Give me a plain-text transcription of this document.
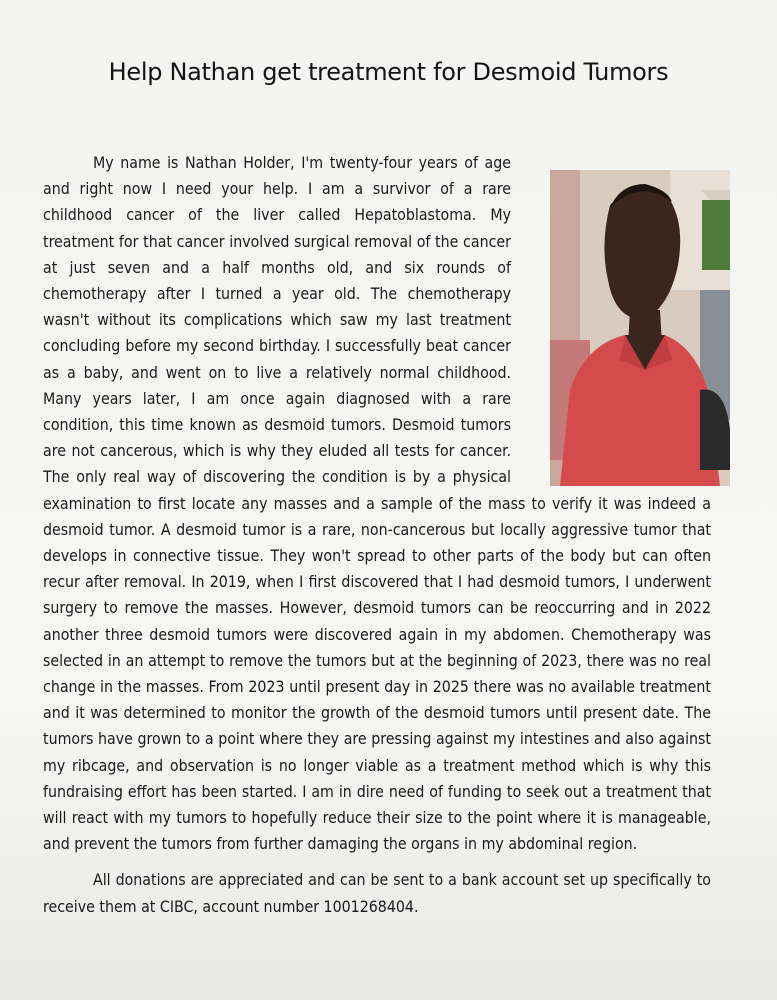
Help Nathan get treatment for Desmoid Tumors

My name is Nathan Holder, I'm twenty-four years of age and right now I need your help. I am a survivor of a rare childhood cancer of the liver called Hepatoblastoma. My treatment for that cancer involved surgical removal of the cancer at just seven and a half months old, and six rounds of chemotherapy after I turned a year old. The chemotherapy wasn't without its complications which saw my last treatment concluding before my second birthday. I successfully beat cancer as a baby, and went on to live a relatively normal childhood. Many years later, I am once again diagnosed with a rare condition, this time known as desmoid tumors. Desmoid tumors are not cancerous, which is why they eluded all tests for cancer. The only real way of discovering the condition is by a physical examination to first locate any masses and a sample of the mass to verify it was indeed a desmoid tumor. A desmoid tumor is a rare, non-cancerous but locally aggressive tumor that develops in connective tissue. They won't spread to other parts of the body but can often recur after removal. In 2019, when I first discovered that I had desmoid tumors, I underwent surgery to remove the masses. However, desmoid tumors can be reoccurring and in 2022 another three desmoid tumors were discovered again in my abdomen. Chemotherapy was selected in an attempt to remove the tumors but at the beginning of 2023, there was no real change in the masses. From 2023 until present day in 2025 there was no available treatment and it was determined to monitor the growth of the desmoid tumors until present date. The tumors have grown to a point where they are pressing against my intestines and also against my ribcage, and observation is no longer viable as a treatment method which is why this fundraising effort has been started. I am in dire need of funding to seek out a treatment that will react with my tumors to hopefully reduce their size to the point where it is manageable, and prevent the tumors from further damaging the organs in my abdominal region.

All donations are appreciated and can be sent to a bank account set up specifically to receive them at CIBC, account number 1001268404.
